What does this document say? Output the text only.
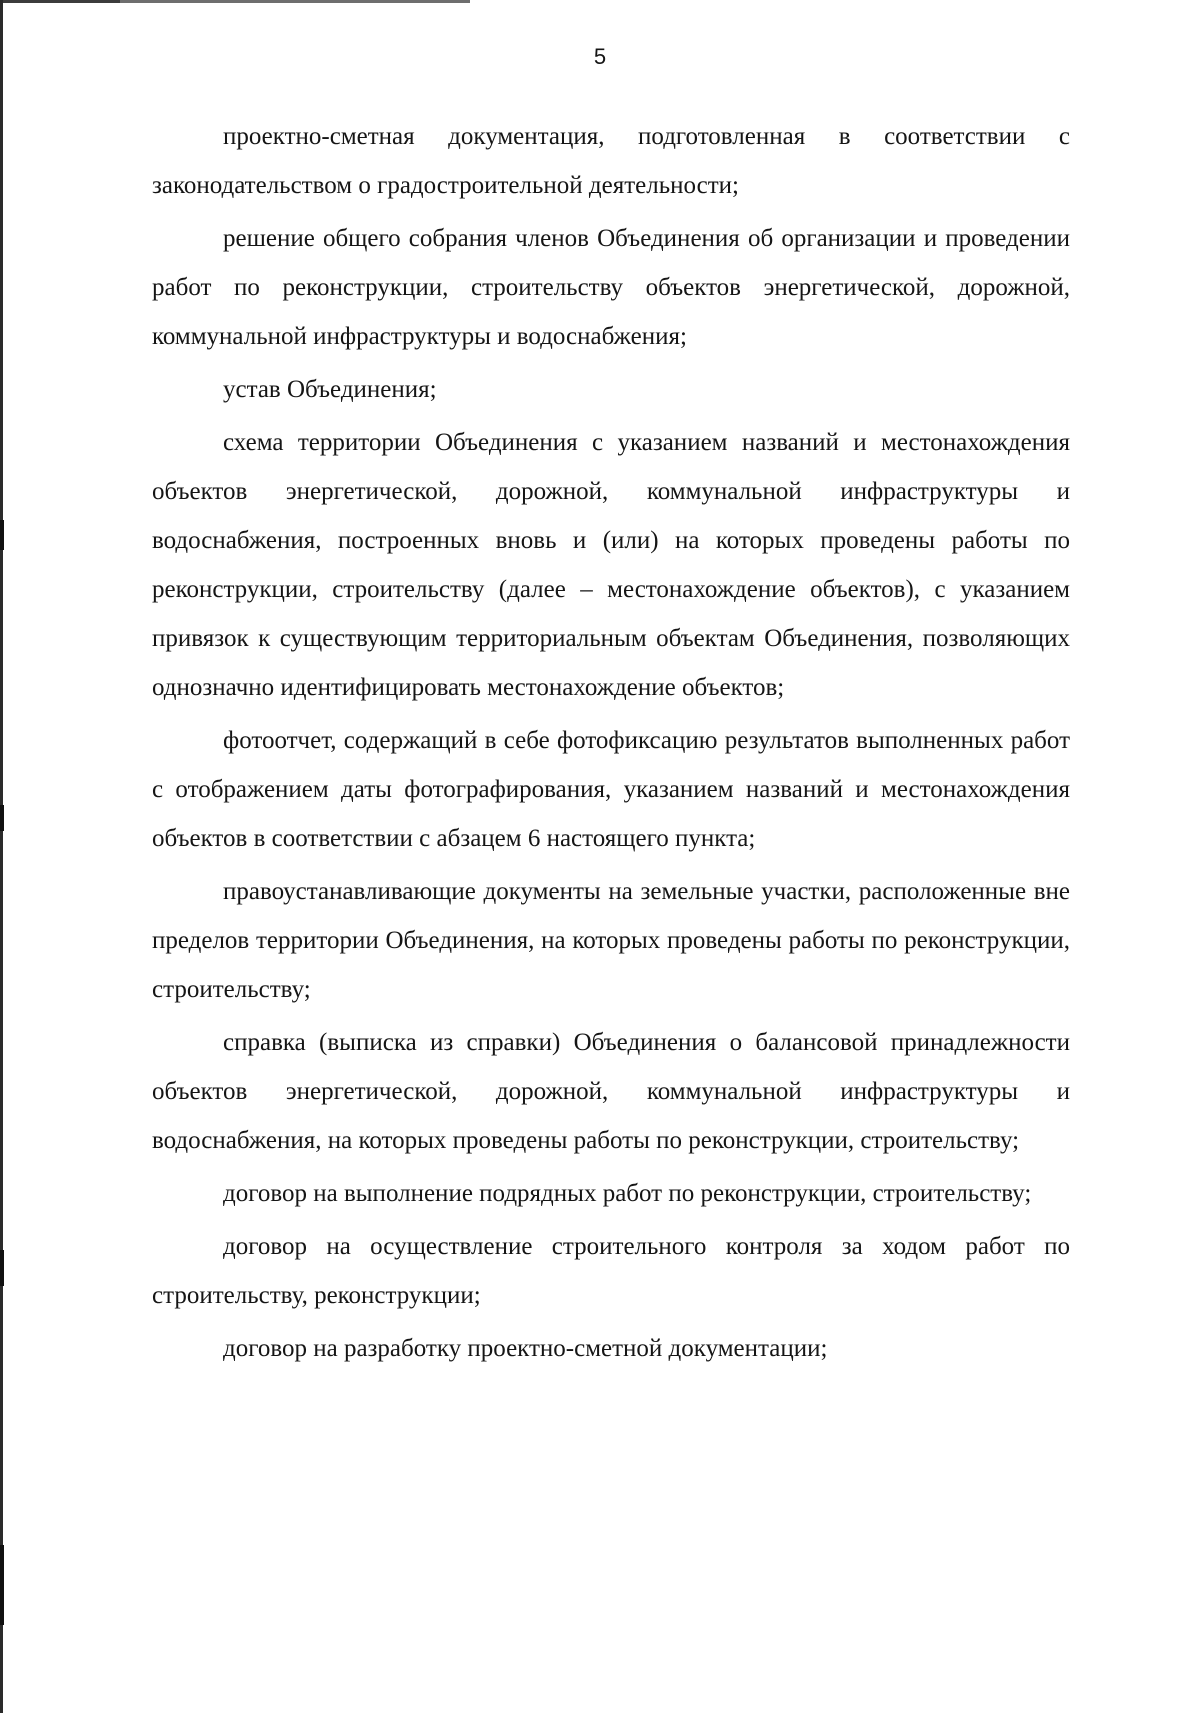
5

проектно-сметная документация, подготовленная в соответствии с законодательством о градостроительной деятельности;

решение общего собрания членов Объединения об организации и проведении работ по реконструкции, строительству объектов энергетической, дорожной, коммунальной инфраструктуры и водоснабжения;

устав Объединения;

схема территории Объединения с указанием названий и местонахождения объектов энергетической, дорожной, коммунальной инфраструктуры и водоснабжения, построенных вновь и (или) на которых проведены работы по реконструкции, строительству (далее – местонахождение объектов), с указанием привязок к существующим территориальным объектам Объединения, позволяющих однозначно идентифицировать местонахождение объектов;

фотоотчет, содержащий в себе фотофиксацию результатов выполненных работ с отображением даты фотографирования, указанием названий и местонахождения объектов в соответствии с абзацем 6 настоящего пункта;

правоустанавливающие документы на земельные участки, расположенные вне пределов территории Объединения, на которых проведены работы по реконструкции, строительству;

справка (выписка из справки) Объединения о балансовой принадлежности объектов энергетической, дорожной, коммунальной инфраструктуры и водоснабжения, на которых проведены работы по реконструкции, строительству;

договор на выполнение подрядных работ по реконструкции, строительству;

договор на осуществление строительного контроля за ходом работ по строительству, реконструкции;

договор на разработку проектно-сметной документации;
